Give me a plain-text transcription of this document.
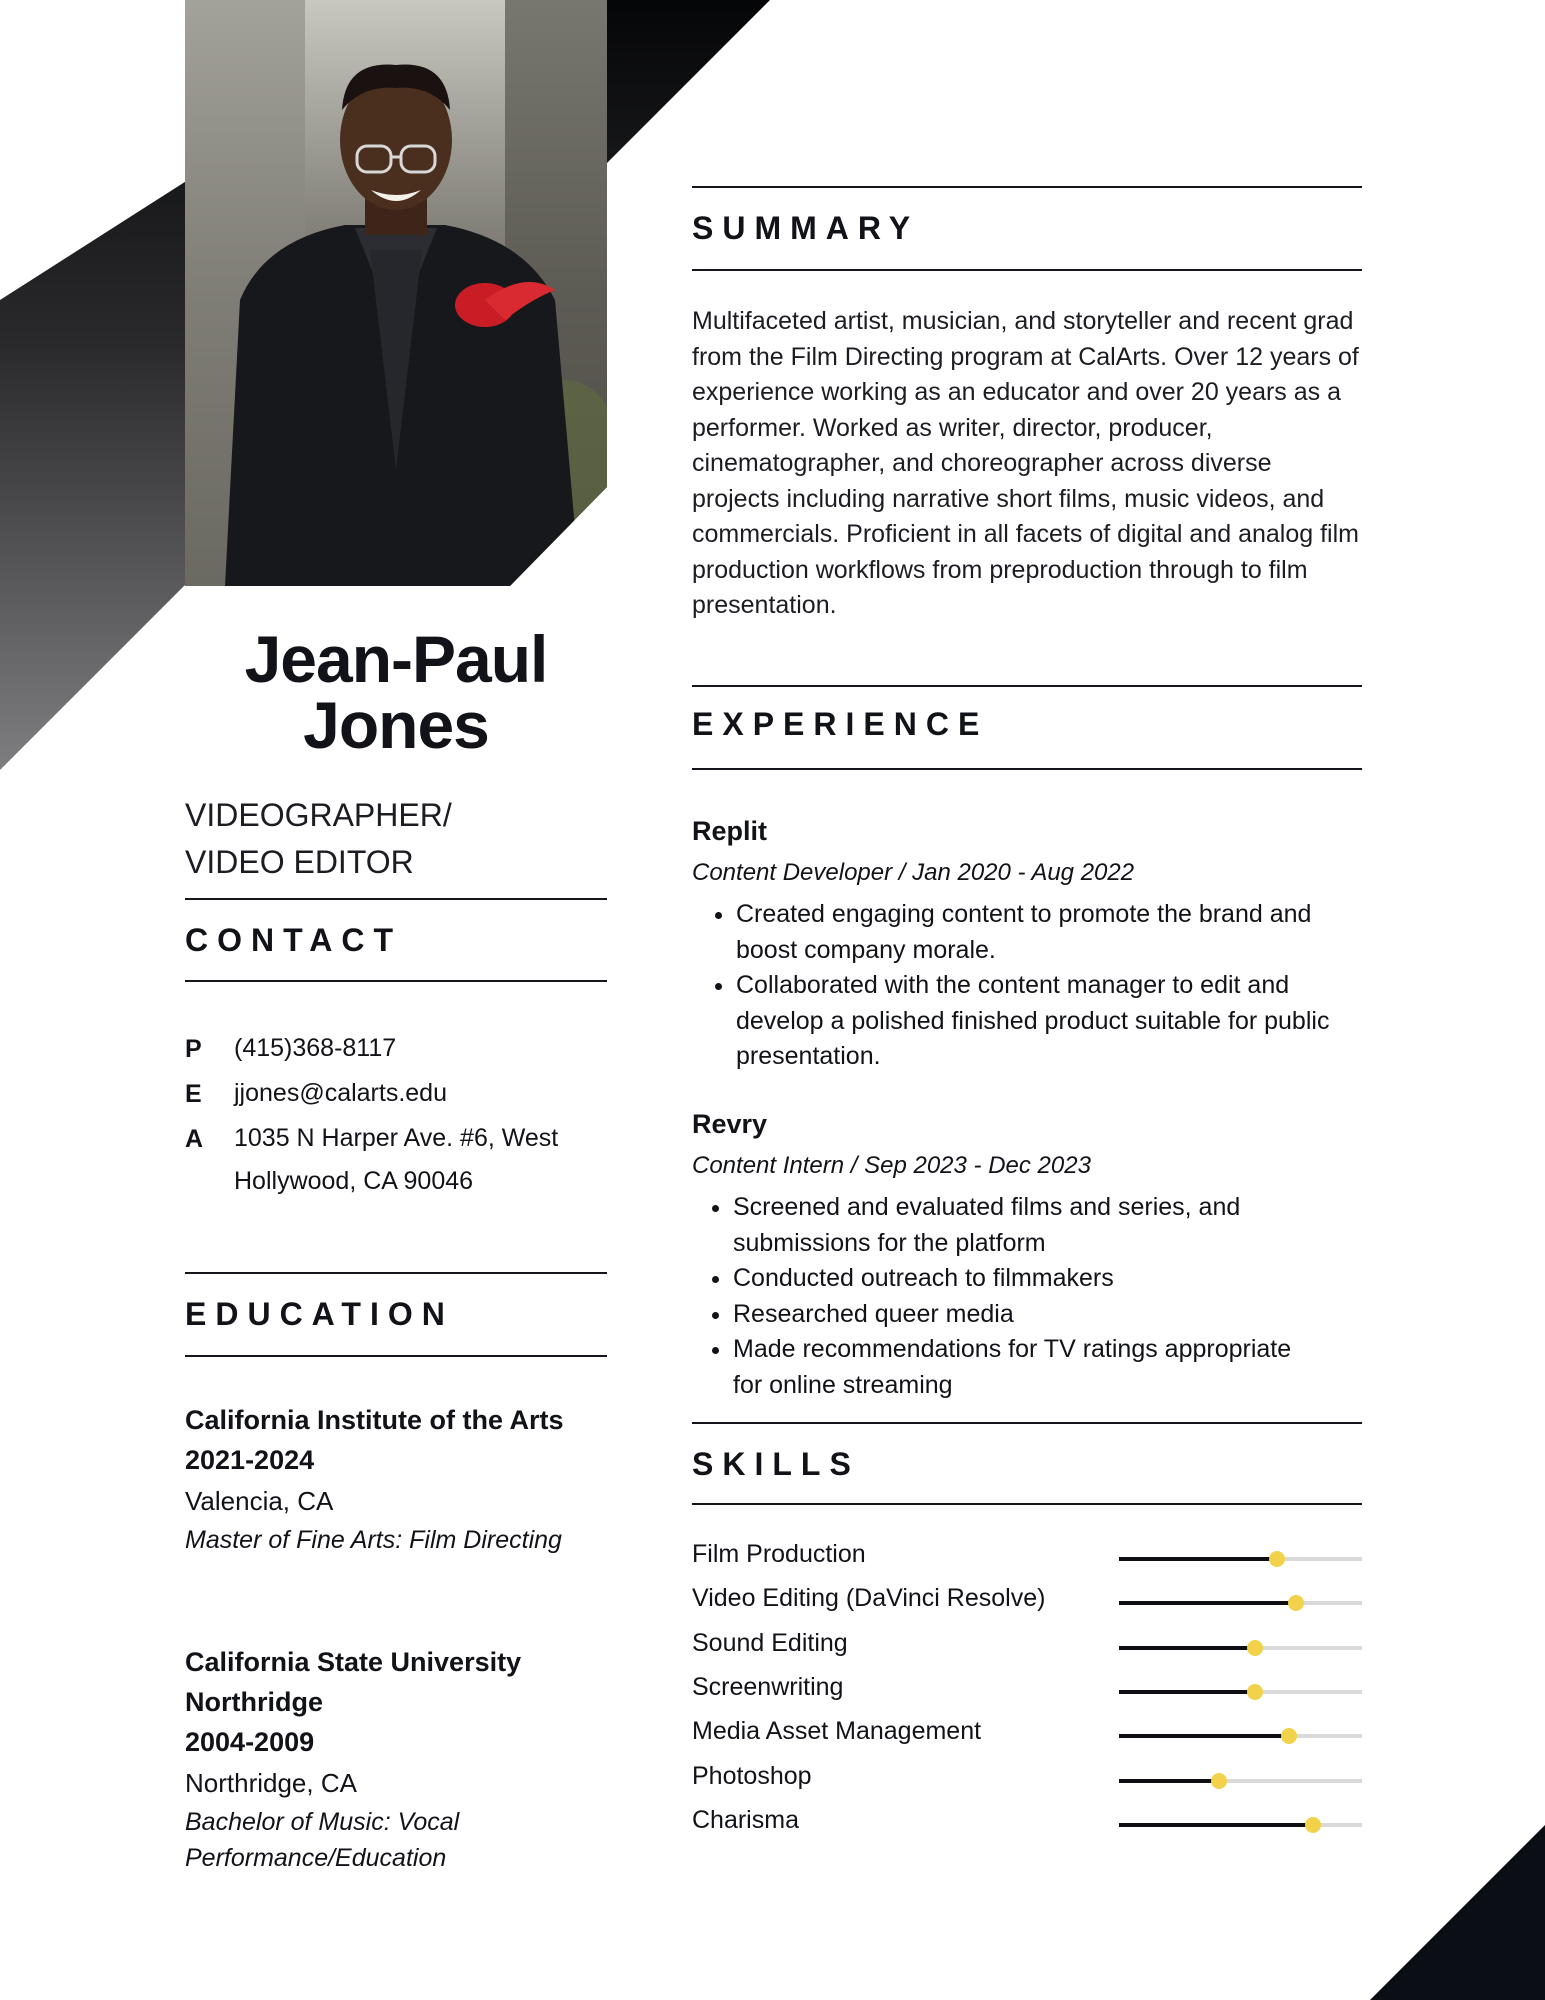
Jean-Paul
Jones
VIDEOGRAPHER/
VIDEO EDITOR
CONTACT
P (415)368-8117
E jjones@calarts.edu
A 1035 N Harper Ave. #6, West
Hollywood, CA 90046
EDUCATION
California Institute of the Arts
2021-2024
Valencia, CA
Master of Fine Arts: Film Directing
California State University
Northridge
2004-2009
Northridge, CA
Bachelor of Music: Vocal
Performance/Education
SUMMARY
Multifaceted artist, musician, and storyteller and recent grad from the Film Directing program at CalArts. Over 12 years of experience working as an educator and over 20 years as a performer. Worked as writer, director, producer, cinematographer, and choreographer across diverse projects including narrative short films, music videos, and commercials. Proficient in all facets of digital and analog film production workflows from preproduction through to film presentation.
EXPERIENCE
Replit
Content Developer / Jan 2020 - Aug 2022
• Created engaging content to promote the brand and boost company morale.
• Collaborated with the content manager to edit and develop a polished finished product suitable for public presentation.
Revry
Content Intern / Sep 2023 - Dec 2023
• Screened and evaluated films and series, and submissions for the platform
• Conducted outreach to filmmakers
• Researched queer media
• Made recommendations for TV ratings appropriate for online streaming
SKILLS
Film Production
Video Editing (DaVinci Resolve)
Sound Editing
Screenwriting
Media Asset Management
Photoshop
Charisma
